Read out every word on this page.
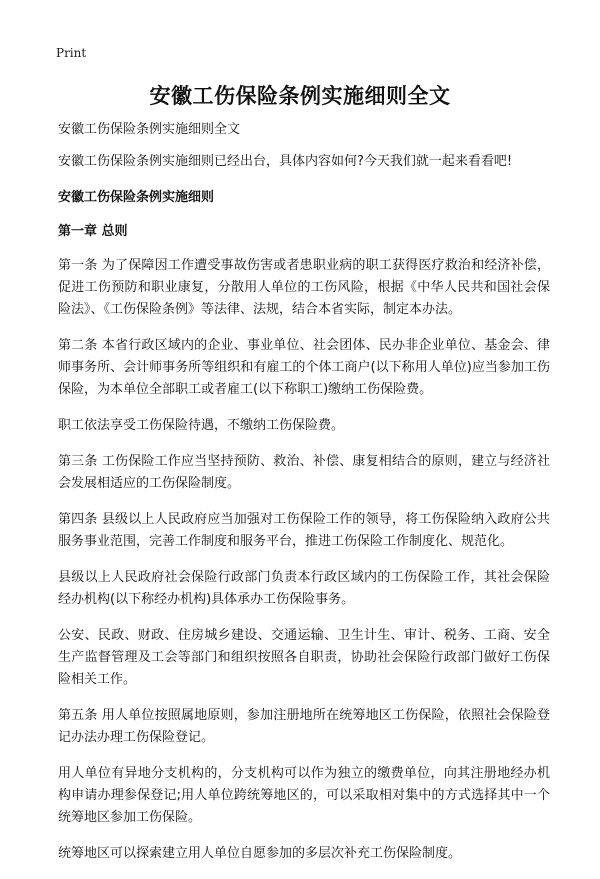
Print
安徽工伤保险条例实施细则全文

安徽工伤保险条例实施细则全文

安徽工伤保险条例实施细则已经出台，具体内容如何?今天我们就一起来看看吧!

安徽工伤保险条例实施细则

第一章 总则

第一条 为了保障因工作遭受事故伤害或者患职业病的职工获得医疗救治和经济补偿，促进工伤预防和职业康复，分散用人单位的工伤风险，根据《中华人民共和国社会保险法》、《工伤保险条例》等法律、法规，结合本省实际，制定本办法。

第二条 本省行政区域内的企业、事业单位、社会团体、民办非企业单位、基金会、律师事务所、会计师事务所等组织和有雇工的个体工商户(以下称用人单位)应当参加工伤保险，为本单位全部职工或者雇工(以下称职工)缴纳工伤保险费。

职工依法享受工伤保险待遇，不缴纳工伤保险费。

第三条 工伤保险工作应当坚持预防、救治、补偿、康复相结合的原则，建立与经济社会发展相适应的工伤保险制度。

第四条 县级以上人民政府应当加强对工伤保险工作的领导，将工伤保险纳入政府公共服务事业范围，完善工作制度和服务平台，推进工伤保险工作制度化、规范化。

县级以上人民政府社会保险行政部门负责本行政区域内的工伤保险工作，其社会保险经办机构(以下称经办机构)具体承办工伤保险事务。

公安、民政、财政、住房城乡建设、交通运输、卫生计生、审计、税务、工商、安全生产监督管理及工会等部门和组织按照各自职责，协助社会保险行政部门做好工伤保险相关工作。

第五条 用人单位按照属地原则，参加注册地所在统筹地区工伤保险，依照社会保险登记办法办理工伤保险登记。

用人单位有异地分支机构的，分支机构可以作为独立的缴费单位，向其注册地经办机构申请办理参保登记;用人单位跨统筹地区的，可以采取相对集中的方式选择其中一个统筹地区参加工伤保险。

统筹地区可以探索建立用人单位自愿参加的多层次补充工伤保险制度。
